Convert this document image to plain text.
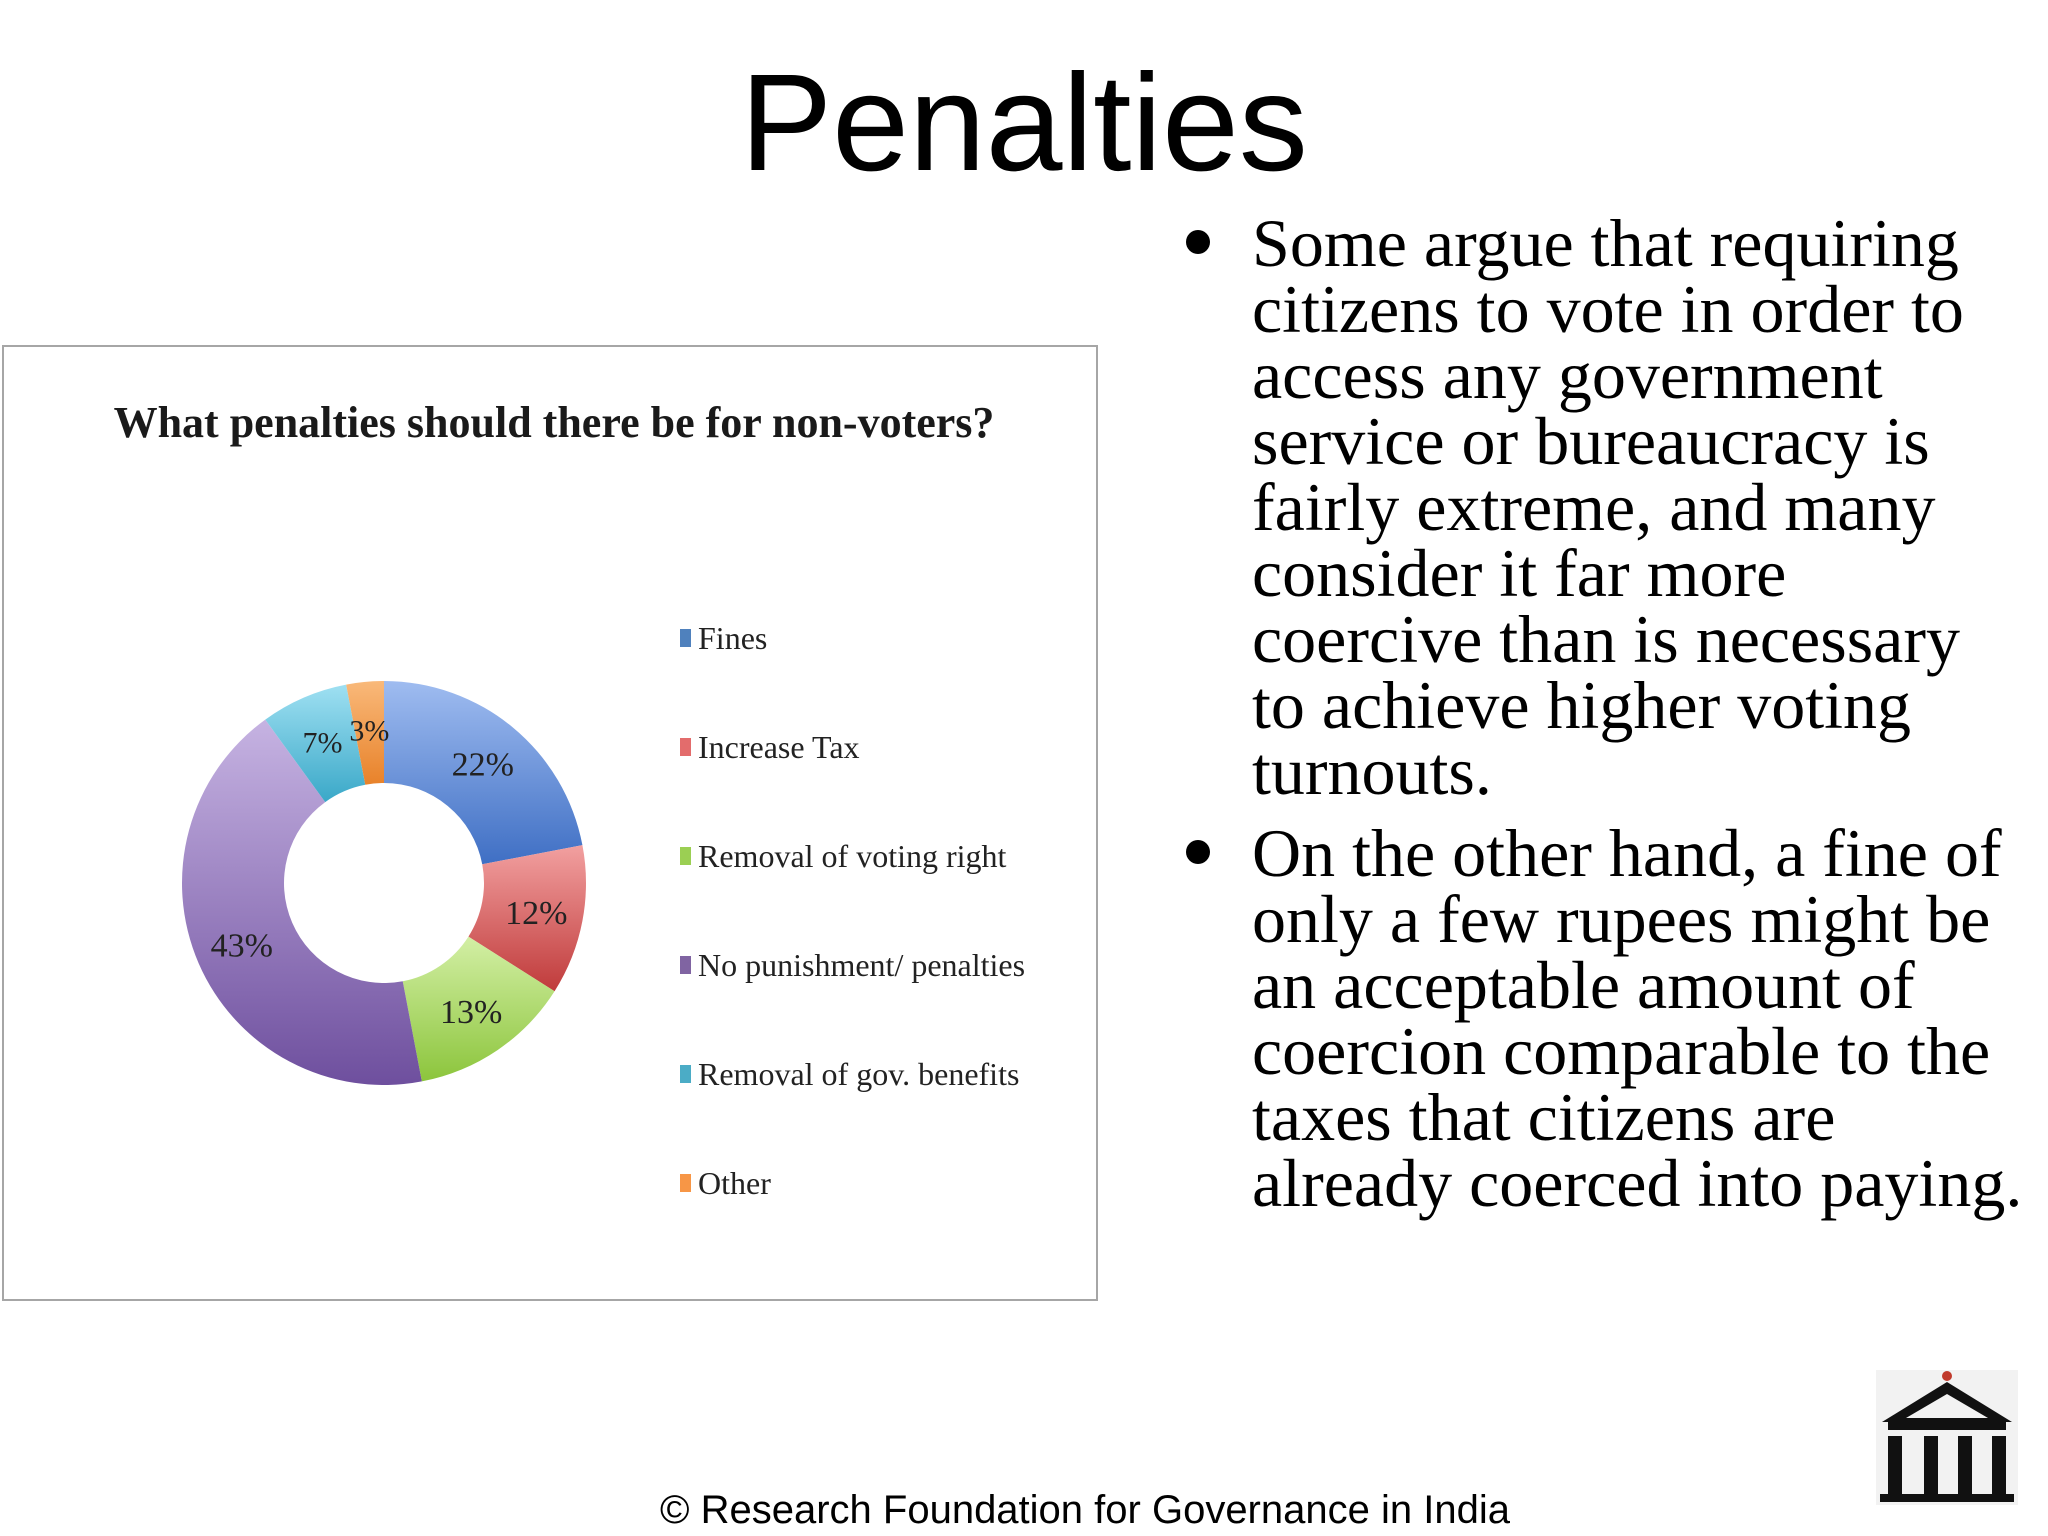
Penalties
What penalties should there be for non-voters?
22%
12%
13%
43%
7% 3%
Fines
Increase Tax
Removal of voting right
No punishment/ penalties
Removal of gov. benefits
Other
Some argue that requiring citizens to vote in order to access any government service or bureaucracy is fairly extreme, and many consider it far more coercive than is necessary to achieve higher voting turnouts.
On the other hand, a fine of only a few rupees might be an acceptable amount of coercion comparable to the taxes that citizens are already coerced into paying.
© Research Foundation for Governance in India
